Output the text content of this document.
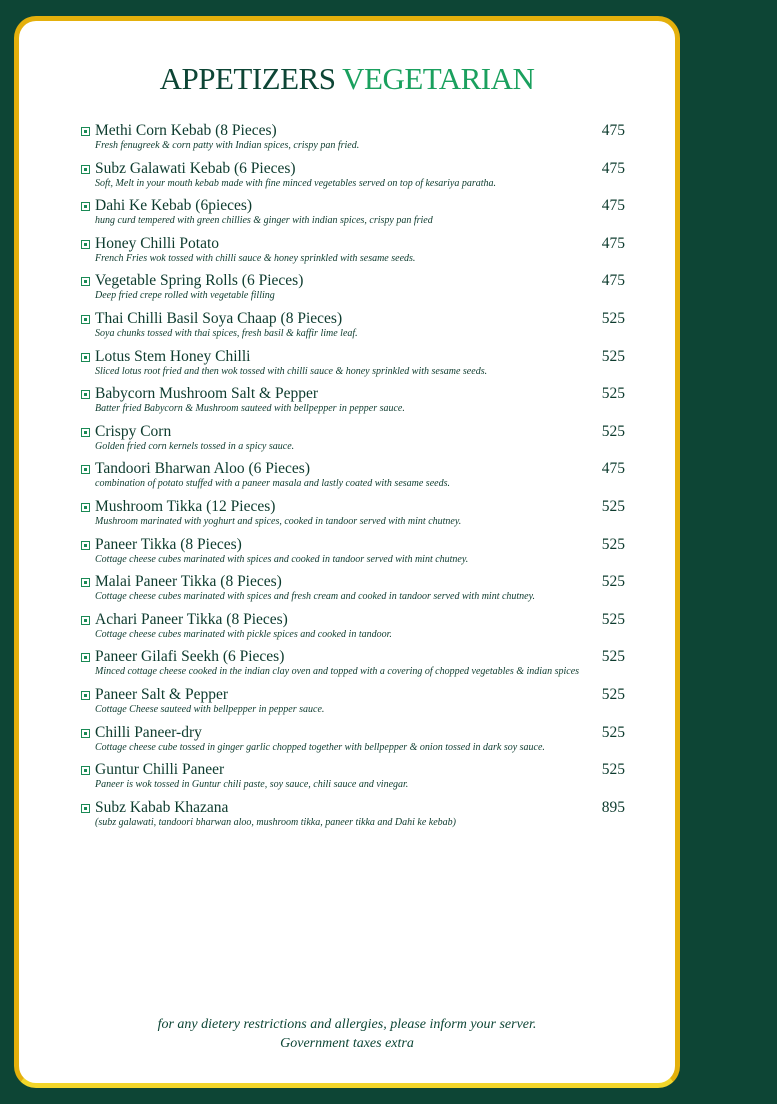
APPETIZERS VEGETARIAN
Methi Corn Kebab (8 Pieces)	475
Fresh fenugreek & corn patty with Indian spices, crispy pan fried.
Subz Galawati Kebab (6 Pieces)	475
Soft, Melt in your mouth kebab made with fine minced vegetables served on top of kesariya paratha.
Dahi Ke Kebab (6pieces)	475
hung curd tempered with green chillies & ginger with indian spices, crispy pan fried
Honey Chilli Potato	475
French Fries wok tossed with chilli sauce & honey sprinkled with sesame seeds.
Vegetable Spring Rolls (6 Pieces)	475
Deep fried crepe rolled with vegetable filling
Thai Chilli Basil Soya Chaap (8 Pieces)	525
Soya chunks tossed with thai spices, fresh basil & kaffir lime leaf.
Lotus Stem Honey Chilli	525
Sliced lotus root fried and then wok tossed with chilli sauce & honey sprinkled with sesame seeds.
Babycorn Mushroom Salt & Pepper	525
Batter fried Babycorn & Mushroom sauteed with bellpepper in pepper sauce.
Crispy Corn	525
Golden fried corn kernels tossed in a spicy sauce.
Tandoori Bharwan Aloo (6 Pieces)	475
combination of potato stuffed with a paneer masala and lastly coated with sesame seeds.
Mushroom Tikka (12 Pieces)	525
Mushroom marinated with yoghurt and spices, cooked in tandoor served with mint chutney.
Paneer Tikka (8 Pieces)	525
Cottage cheese cubes marinated with spices and cooked in tandoor served with mint chutney.
Malai Paneer Tikka (8 Pieces)	525
Cottage cheese cubes marinated with spices and fresh cream and cooked in tandoor served with mint chutney.
Achari Paneer Tikka (8 Pieces)	525
Cottage cheese cubes marinated with pickle spices and cooked in tandoor.
Paneer Gilafi Seekh (6 Pieces)	525
Minced cottage cheese cooked in the indian clay oven and topped with a covering of chopped vegetables & indian spices
Paneer Salt & Pepper	525
Cottage Cheese sauteed with bellpepper in pepper sauce.
Chilli Paneer-dry	525
Cottage cheese cube tossed in ginger garlic chopped together with bellpepper & onion tossed in dark soy sauce.
Guntur Chilli Paneer	525
Paneer is wok tossed in Guntur chili paste, soy sauce, chili sauce and vinegar.
Subz Kabab Khazana	895
(subz galawati, tandoori bharwan aloo, mushroom tikka, paneer tikka and Dahi ke kebab)
for any dietery restrictions and allergies, please inform your server.
Government taxes extra
